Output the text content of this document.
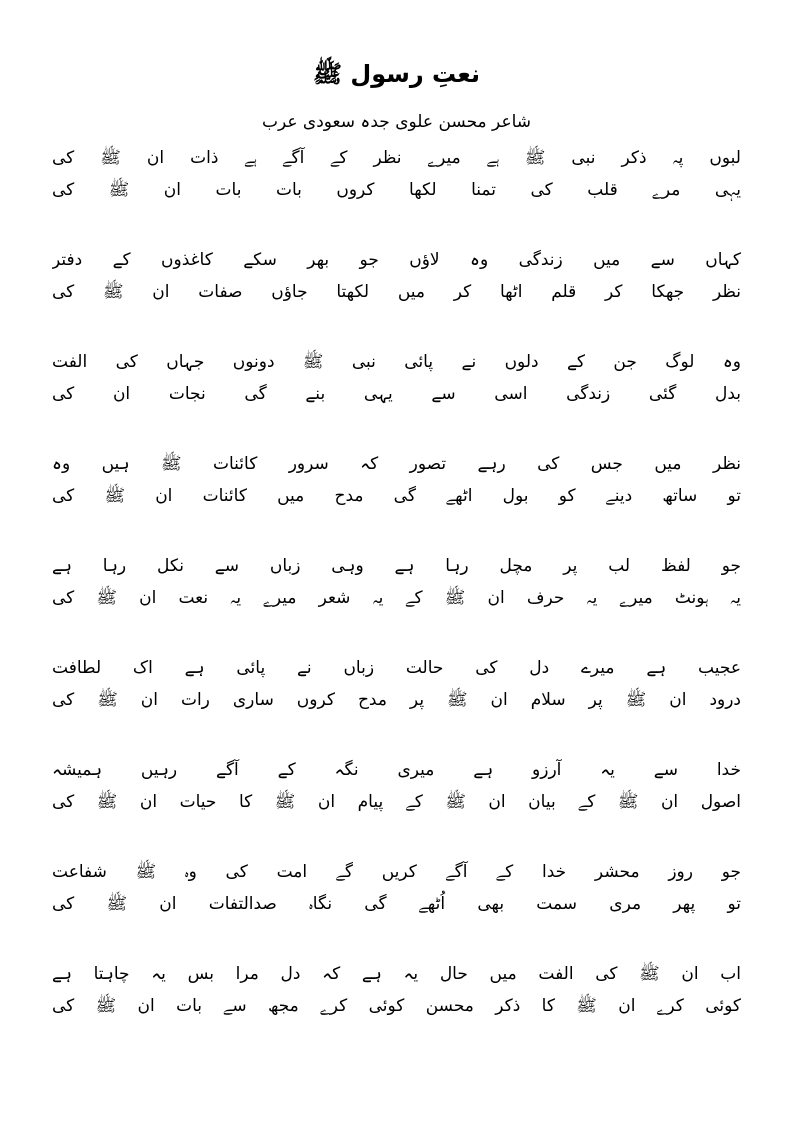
نعتِ رسول ﷺ
شاعر محسن علوی جدہ سعودی عرب
لبوں پہ ذکر نبی ﷺ ہے میرے نظر کے آگے ہے ذات ان ﷺ کی
یہی مرے قلب کی تمنا لکھا کروں بات بات ان ﷺ کی
کہاں سے میں زندگی وہ لاؤں جو بھر سکے کاغذوں کے دفتر
نظر جھکا کر قلم اٹھا کر میں لکھتا جاؤں صفات ان ﷺ کی
وہ لوگ جن کے دلوں نے پائی نبی ﷺ دونوں جہاں کی الفت
بدل گئی زندگی اسی سے یہی بنے گی نجات ان کی
نظر میں جس کی رہے تصور کہ سرور کائنات ﷺ ہیں وہ
تو ساتھ دینے کو بول اٹھے گی مدح میں کائنات ان ﷺ کی
جو لفظ لب پر مچل رہا ہے وہی زباں سے نکل رہا ہے
یہ ہونٹ میرے یہ حرف ان ﷺ کے یہ شعر میرے یہ نعت ان ﷺ کی
عجیب ہے میرے دل کی حالت زباں نے پائی ہے اک لطافت
درود ان ﷺ پر سلام ان ﷺ پر مدح کروں ساری رات ان ﷺ کی
خدا سے یہ آرزو ہے میری نگہ کے آگے رہیں ہمیشہ
اصول ان ﷺ کے بیان ان ﷺ کے پیام ان ﷺ کا حیات ان ﷺ کی
جو روز محشر خدا کے آگے کریں گے امت کی وہ ﷺ شفاعت
تو پھر مری سمت بھی اُٹھے گی نگاہ صدالتفات ان ﷺ کی
اب ان ﷺ کی الفت میں حال یہ ہے کہ دل مرا بس یہ چاہتا ہے
کوئی کرے ان ﷺ کا ذکر محسن کوئی کرے مجھ سے بات ان ﷺ کی
